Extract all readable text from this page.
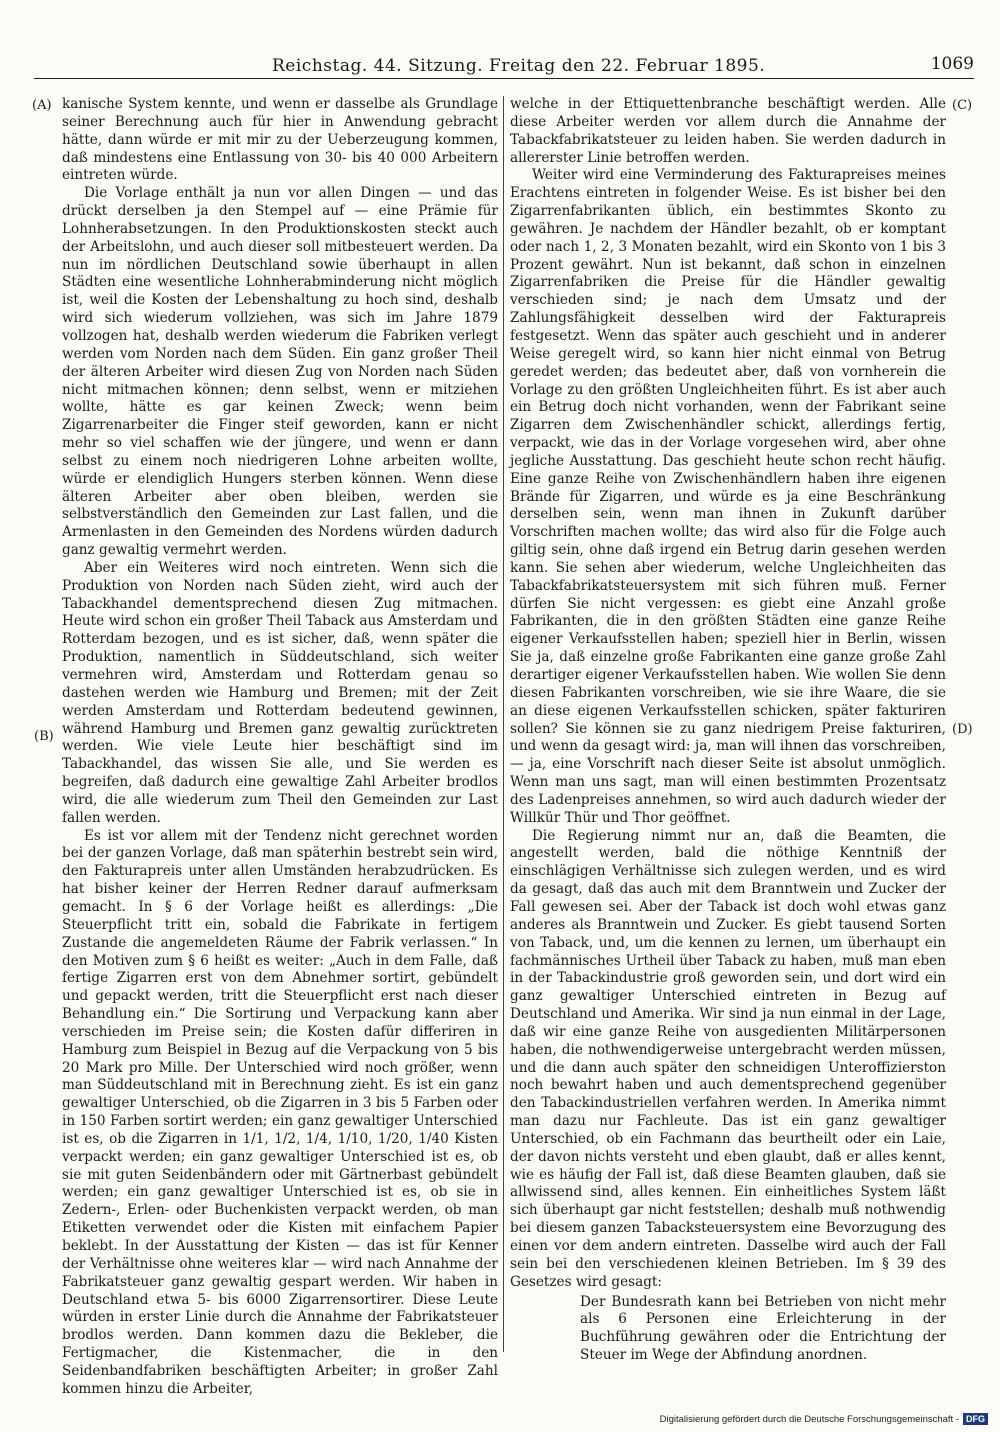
Reichstag. 44. Sitzung. Freitag den 22. Februar 1895.	1069
(A)
(B)
(C)
(D)

kanische System kennte, und wenn er dasselbe als Grundlage seiner Berechnung auch für hier in Anwendung gebracht hätte, dann würde er mit mir zu der Ueberzeugung kommen, daß mindestens eine Entlassung von 30- bis 40 000 Arbeitern eintreten würde.

Die Vorlage enthält ja nun vor allen Dingen — und das drückt derselben ja den Stempel auf — eine Prämie für Lohnherabsetzungen. In den Produktionskosten steckt auch der Arbeitslohn, und auch dieser soll mitbesteuert werden. Da nun im nördlichen Deutschland sowie überhaupt in allen Städten eine wesentliche Lohnherabminderung nicht möglich ist, weil die Kosten der Lebenshaltung zu hoch sind, deshalb wird sich wiederum vollziehen, was sich im Jahre 1879 vollzogen hat, deshalb werden wiederum die Fabriken verlegt werden vom Norden nach dem Süden. Ein ganz großer Theil der älteren Arbeiter wird diesen Zug von Norden nach Süden nicht mitmachen können; denn selbst, wenn er mitziehen wollte, hätte es gar keinen Zweck; wenn beim Zigarrenarbeiter die Finger steif geworden, kann er nicht mehr so viel schaffen wie der jüngere, und wenn er dann selbst zu einem noch niedrigeren Lohne arbeiten wollte, würde er elendiglich Hungers sterben können. Wenn diese älteren Arbeiter aber oben bleiben, werden sie selbstverständlich den Gemeinden zur Last fallen, und die Armenlasten in den Gemeinden des Nordens würden dadurch ganz gewaltig vermehrt werden.

Aber ein Weiteres wird noch eintreten. Wenn sich die Produktion von Norden nach Süden zieht, wird auch der Tabackhandel dementsprechend diesen Zug mitmachen. Heute wird schon ein großer Theil Taback aus Amsterdam und Rotterdam bezogen, und es ist sicher, daß, wenn später die Produktion, namentlich in Süddeutschland, sich weiter vermehren wird, Amsterdam und Rotterdam genau so dastehen werden wie Hamburg und Bremen; mit der Zeit werden Amsterdam und Rotterdam bedeutend gewinnen, während Hamburg und Bremen ganz gewaltig zurücktreten werden. Wie viele Leute hier beschäftigt sind im Tabackhandel, das wissen Sie alle, und Sie werden es begreifen, daß dadurch eine gewaltige Zahl Arbeiter brodlos wird, die alle wiederum zum Theil den Gemeinden zur Last fallen werden.

Es ist vor allem mit der Tendenz nicht gerechnet worden bei der ganzen Vorlage, daß man späterhin bestrebt sein wird, den Fakturapreis unter allen Umständen herabzudrücken. Es hat bisher keiner der Herren Redner darauf aufmerksam gemacht. In § 6 der Vorlage heißt es allerdings: „Die Steuerpflicht tritt ein, sobald die Fabrikate in fertigem Zustande die angemeldeten Räume der Fabrik verlassen.“ In den Motiven zum § 6 heißt es weiter: „Auch in dem Falle, daß fertige Zigarren erst von dem Abnehmer sortirt, gebündelt und gepackt werden, tritt die Steuerpflicht erst nach dieser Behandlung ein.“ Die Sortirung und Verpackung kann aber verschieden im Preise sein; die Kosten dafür differiren in Hamburg zum Beispiel in Bezug auf die Verpackung von 5 bis 20 Mark pro Mille. Der Unterschied wird noch größer, wenn man Süddeutschland mit in Berechnung zieht. Es ist ein ganz gewaltiger Unterschied, ob die Zigarren in 3 bis 5 Farben oder in 150 Farben sortirt werden; ein ganz gewaltiger Unterschied ist es, ob die Zigarren in 1/1, 1/2, 1/4, 1/10, 1/20, 1/40 Kisten verpackt werden; ein ganz gewaltiger Unterschied ist es, ob sie mit guten Seidenbändern oder mit Gärtnerbast gebündelt werden; ein ganz gewaltiger Unterschied ist es, ob sie in Zedern-, Erlen- oder Buchenkisten verpackt werden, ob man Etiketten verwendet oder die Kisten mit einfachem Papier beklebt. In der Ausstattung der Kisten — das ist für Kenner der Verhältnisse ohne weiteres klar — wird nach Annahme der Fabrikatsteuer ganz gewaltig gespart werden. Wir haben in Deutschland etwa 5- bis 6000 Zigarrensortirer. Diese Leute würden in erster Linie durch die Annahme der Fabrikatsteuer brodlos werden. Dann kommen dazu die Bekleber, die Fertigmacher, die Kistenmacher, die in den Seidenbandfabriken beschäftigten Arbeiter; in großer Zahl kommen hinzu die Arbeiter,

welche in der Ettiquettenbranche beschäftigt werden. Alle diese Arbeiter werden vor allem durch die Annahme der Tabackfabrikatsteuer zu leiden haben. Sie werden dadurch in allererster Linie betroffen werden.

Weiter wird eine Verminderung des Fakturapreises meines Erachtens eintreten in folgender Weise. Es ist bisher bei den Zigarrenfabrikanten üblich, ein bestimmtes Skonto zu gewähren. Je nachdem der Händler bezahlt, ob er komptant oder nach 1, 2, 3 Monaten bezahlt, wird ein Skonto von 1 bis 3 Prozent gewährt. Nun ist bekannt, daß schon in einzelnen Zigarrenfabriken die Preise für die Händler gewaltig verschieden sind; je nach dem Umsatz und der Zahlungsfähigkeit desselben wird der Fakturapreis festgesetzt. Wenn das später auch geschieht und in anderer Weise geregelt wird, so kann hier nicht einmal von Betrug geredet werden; das bedeutet aber, daß von vornherein die Vorlage zu den größten Ungleichheiten führt. Es ist aber auch ein Betrug doch nicht vorhanden, wenn der Fabrikant seine Zigarren dem Zwischenhändler schickt, allerdings fertig, verpackt, wie das in der Vorlage vorgesehen wird, aber ohne jegliche Ausstattung. Das geschieht heute schon recht häufig. Eine ganze Reihe von Zwischenhändlern haben ihre eigenen Brände für Zigarren, und würde es ja eine Beschränkung derselben sein, wenn man ihnen in Zukunft darüber Vorschriften machen wollte; das wird also für die Folge auch giltig sein, ohne daß irgend ein Betrug darin gesehen werden kann. Sie sehen aber wiederum, welche Ungleichheiten das Tabackfabrikatsteuersystem mit sich führen muß. Ferner dürfen Sie nicht vergessen: es giebt eine Anzahl große Fabrikanten, die in den größten Städten eine ganze Reihe eigener Verkaufsstellen haben; speziell hier in Berlin, wissen Sie ja, daß einzelne große Fabrikanten eine ganze große Zahl derartiger eigener Verkaufsstellen haben. Wie wollen Sie denn diesen Fabrikanten vorschreiben, wie sie ihre Waare, die sie an diese eigenen Verkaufsstellen schicken, später fakturiren sollen? Sie können sie zu ganz niedrigem Preise fakturiren, und wenn da gesagt wird: ja, man will ihnen das vorschreiben, — ja, eine Vorschrift nach dieser Seite ist absolut unmöglich. Wenn man uns sagt, man will einen bestimmten Prozentsatz des Ladenpreises annehmen, so wird auch dadurch wieder der Willkür Thür und Thor geöffnet.

Die Regierung nimmt nur an, daß die Beamten, die angestellt werden, bald die nöthige Kenntniß der einschlägigen Verhältnisse sich zulegen werden, und es wird da gesagt, daß das auch mit dem Branntwein und Zucker der Fall gewesen sei. Aber der Taback ist doch wohl etwas ganz anderes als Branntwein und Zucker. Es giebt tausend Sorten von Taback, und, um die kennen zu lernen, um überhaupt ein fachmännisches Urtheil über Taback zu haben, muß man eben in der Tabackindustrie groß geworden sein, und dort wird ein ganz gewaltiger Unterschied eintreten in Bezug auf Deutschland und Amerika. Wir sind ja nun einmal in der Lage, daß wir eine ganze Reihe von ausgedienten Militärpersonen haben, die nothwendigerweise untergebracht werden müssen, und die dann auch später den schneidigen Unteroffizierston noch bewahrt haben und auch dementsprechend gegenüber den Tabackindustriellen verfahren werden. In Amerika nimmt man dazu nur Fachleute. Das ist ein ganz gewaltiger Unterschied, ob ein Fachmann das beurtheilt oder ein Laie, der davon nichts versteht und eben glaubt, daß er alles kennt, wie es häufig der Fall ist, daß diese Beamten glauben, daß sie allwissend sind, alles kennen. Ein einheitliches System läßt sich überhaupt gar nicht feststellen; deshalb muß nothwendig bei diesem ganzen Tabacksteuersystem eine Bevorzugung des einen vor dem andern eintreten. Dasselbe wird auch der Fall sein bei den verschiedenen kleinen Betrieben. Im § 39 des Gesetzes wird gesagt:

Der Bundesrath kann bei Betrieben von nicht mehr als 6 Personen eine Erleichterung in der Buchführung gewähren oder die Entrichtung der Steuer im Wege der Abfindung anordnen.

Digitalisierung gefördert durch die Deutsche Forschungsgemeinschaft - DFG
